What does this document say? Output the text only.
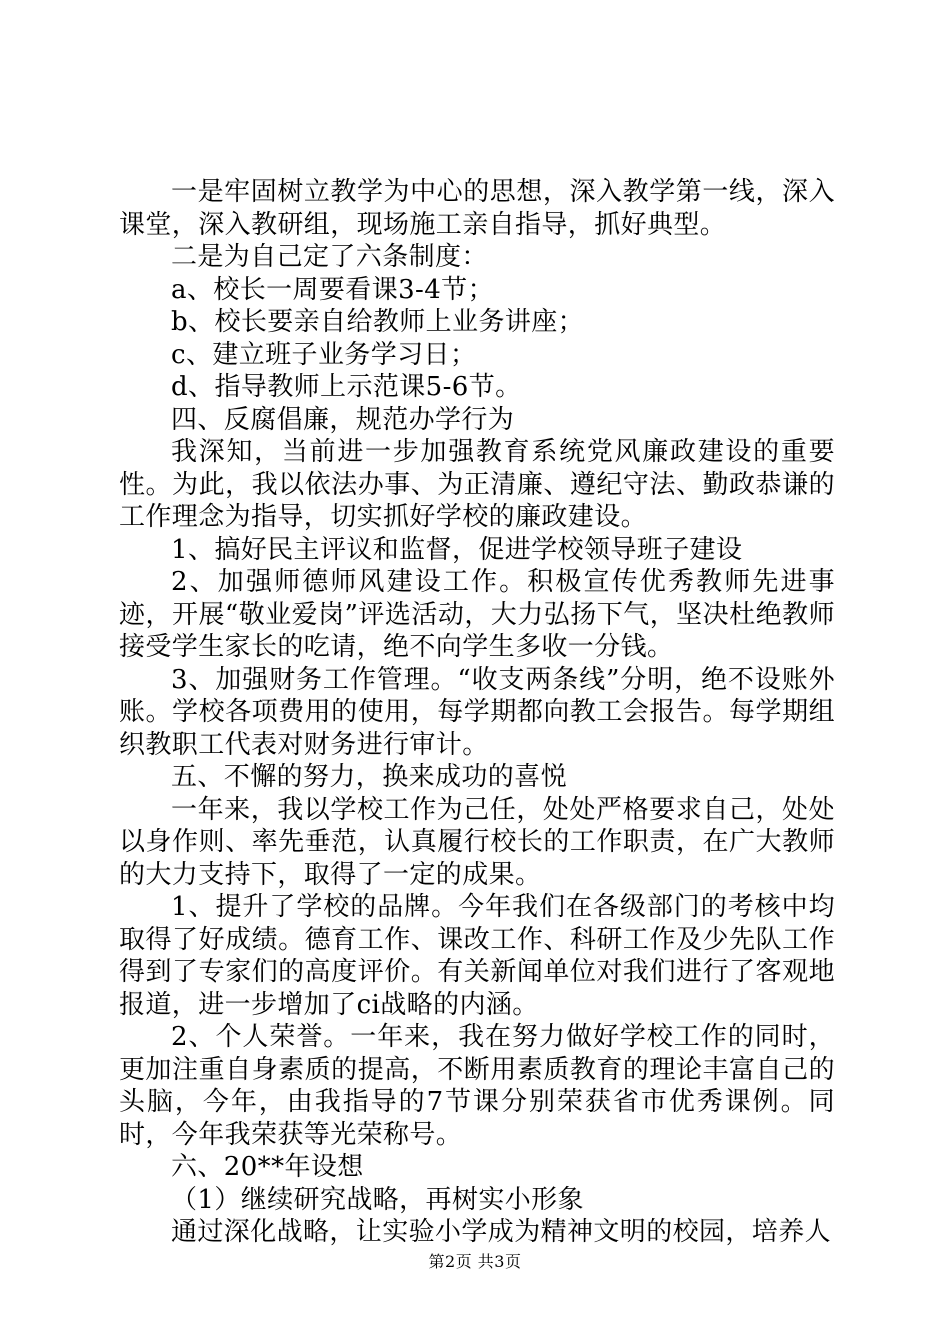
一是牢固树立教学为中心的思想，深入教学第一线，深入课堂，深入教研组，现场施工亲自指导，抓好典型。

二是为自己定了六条制度：

a、校长一周要看课3-4节；

b、校长要亲自给教师上业务讲座；

c、建立班子业务学习日；

d、指导教师上示范课5-6节。

四、反腐倡廉，规范办学行为

我深知，当前进一步加强教育系统党风廉政建设的重要性。为此，我以依法办事、为正清廉、遵纪守法、勤政恭谦的工作理念为指导，切实抓好学校的廉政建设。

1、搞好民主评议和监督，促进学校领导班子建设

2、加强师德师风建设工作。积极宣传优秀教师先进事迹，开展“敬业爱岗”评选活动，大力弘扬下气，坚决杜绝教师接受学生家长的吃请，绝不向学生多收一分钱。

3、加强财务工作管理。“收支两条线”分明，绝不设账外账。学校各项费用的使用，每学期都向教工会报告。每学期组织教职工代表对财务进行审计。

五、不懈的努力，换来成功的喜悦

一年来，我以学校工作为己任，处处严格要求自己，处处以身作则、率先垂范，认真履行校长的工作职责，在广大教师的大力支持下，取得了一定的成果。

1、提升了学校的品牌。今年我们在各级部门的考核中均取得了好成绩。德育工作、课改工作、科研工作及少先队工作得到了专家们的高度评价。有关新闻单位对我们进行了客观地报道，进一步增加了ci战略的内涵。

2、个人荣誉。一年来，我在努力做好学校工作的同时，更加注重自身素质的提高，不断用素质教育的理论丰富自己的头脑，今年，由我指导的7节课分别荣获省市优秀课例。同时，今年我荣获等光荣称号。

六、20**年设想

（1）继续研究战略，再树实小形象

通过深化战略，让实验小学成为精神文明的校园，培养人

第2页 共3页
